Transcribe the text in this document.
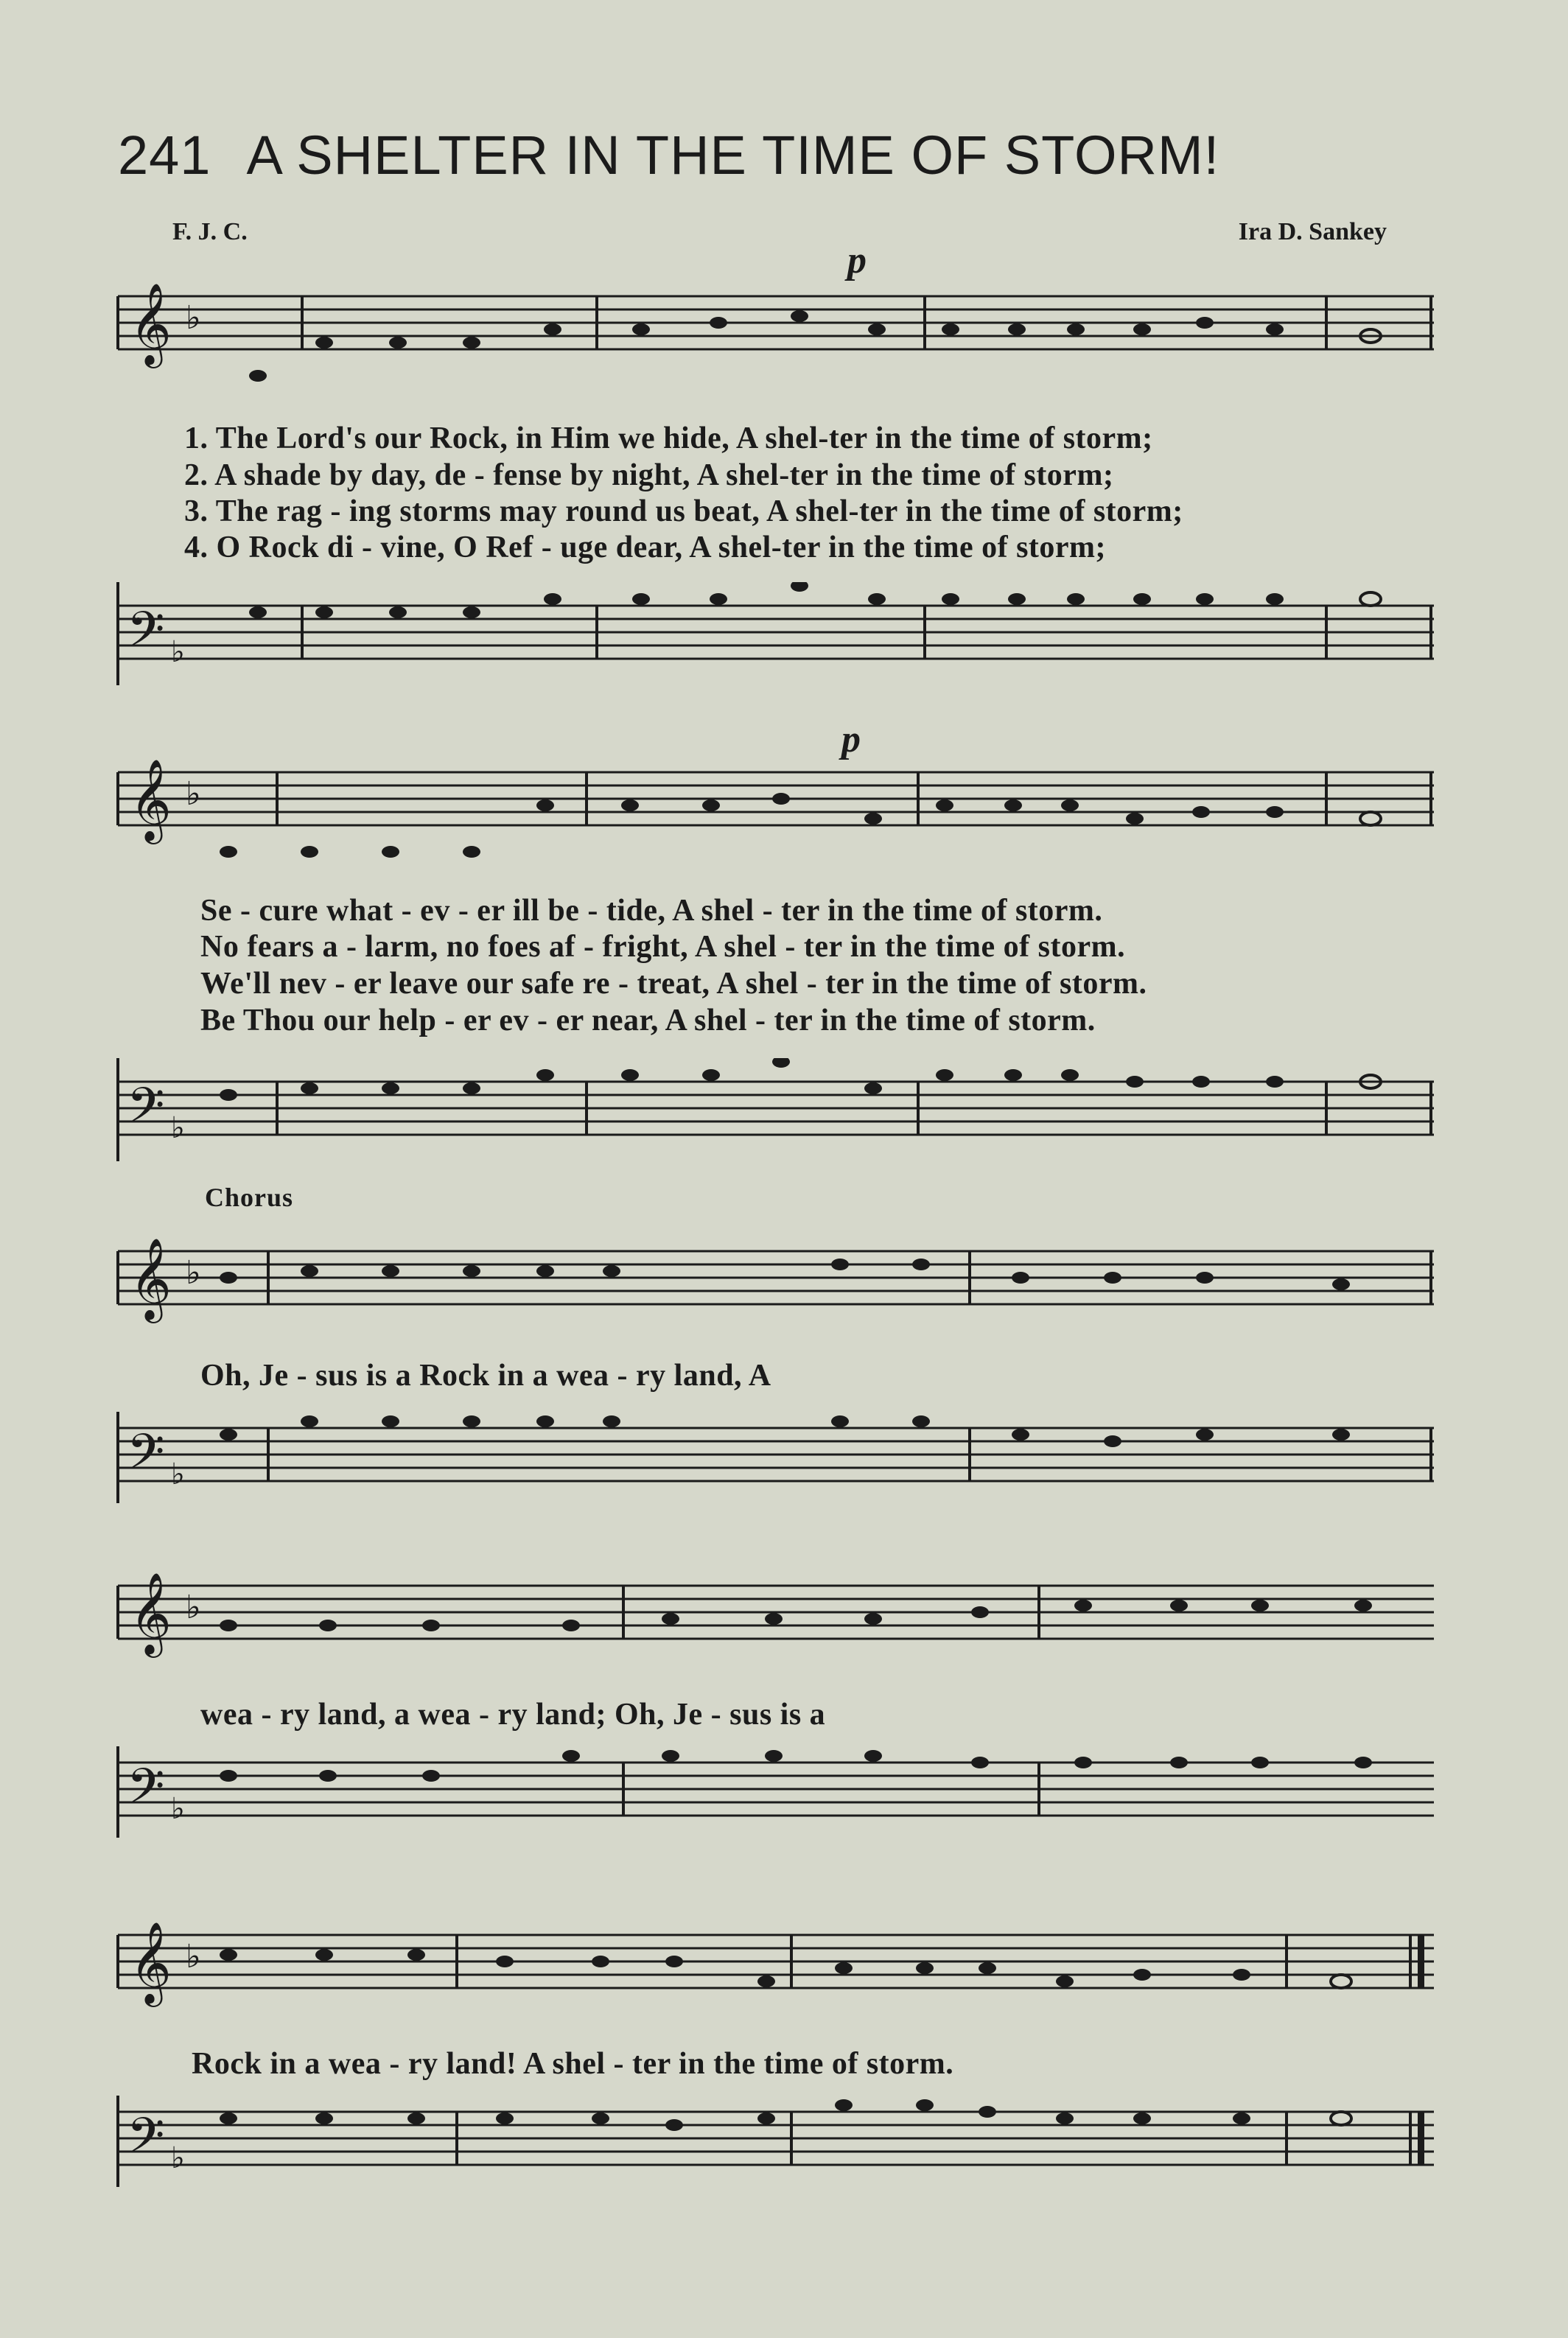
241 A SHELTER IN THE TIME OF STORM!
F. J. C.	Ira D. Sankey
𝄞 ♭
p
1. The Lord's our Rock, in Him we hide, A shel-ter in the time of storm;
2. A shade by day, de - fense by night, A shel-ter in the time of storm;
3. The rag - ing storms may round us beat, A shel-ter in the time of storm;
4. O Rock di - vine, O Ref - uge dear, A shel-ter in the time of storm;
𝄢 ♭
𝄞 ♭
p
Se - cure what - ev - er ill be - tide, A shel - ter in the time of storm.
No fears a - larm, no foes af - fright, A shel - ter in the time of storm.
We'll nev - er leave our safe re - treat, A shel - ter in the time of storm.
Be Thou our help - er ev - er near, A shel - ter in the time of storm.
𝄢 ♭
Chorus
𝄞 ♭
Oh, Je - sus is a Rock in a wea - ry land, A
𝄢 ♭
𝄞 ♭
wea - ry land, a wea - ry land; Oh, Je - sus is a
𝄢 ♭
𝄞 ♭
Rock in a wea - ry land! A shel - ter in the time of storm.
𝄢 ♭
